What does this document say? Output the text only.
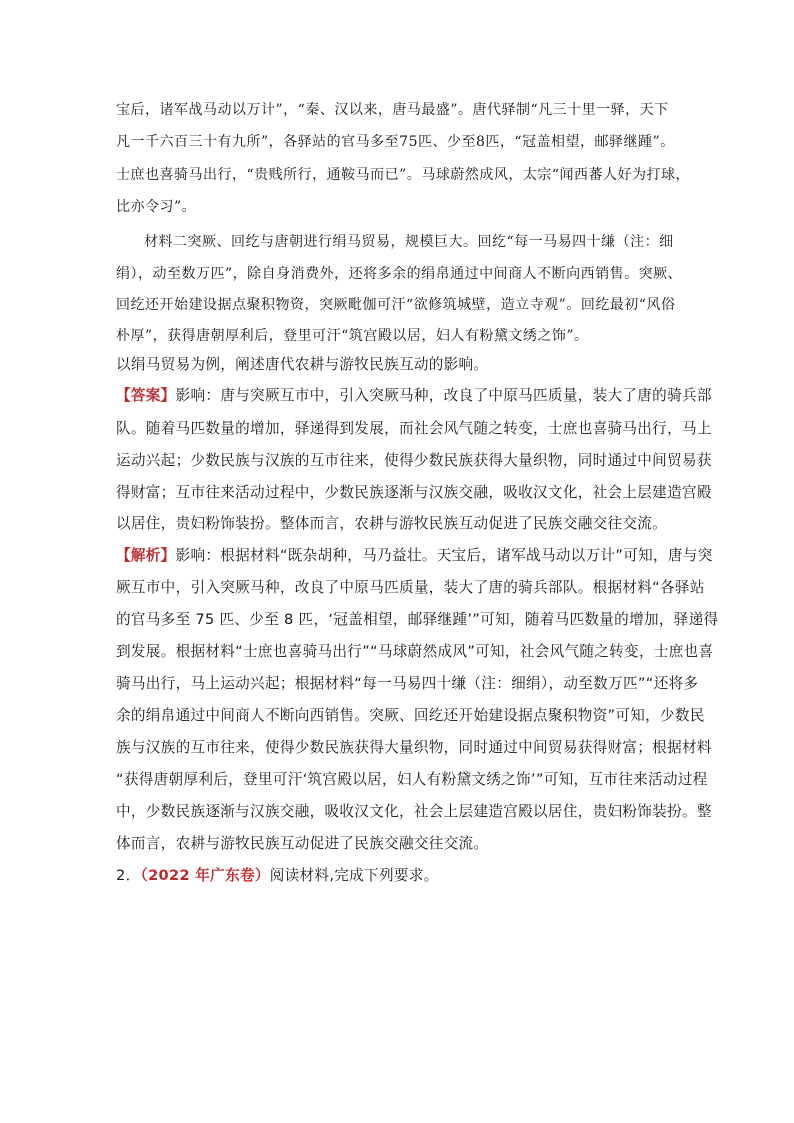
宝后，诸军战马动以万计”，“秦、汉以来，唐马最盛”。唐代驿制“凡三十里一驿，天下
凡一千六百三十有九所”，各驿站的官马多至75匹、少至8匹，“冠盖相望，邮驿继踵”。
士庶也喜骑马出行，“贵贱所行，通鞍马而已”。马球蔚然成风，太宗“闻西蕃人好为打球，
比亦令习”。
材料二突厥、回纥与唐朝进行绢马贸易，规模巨大。回纥“每一马易四十缣（注：细
绢），动至数万匹”，除自身消费外，还将多余的绢帛通过中间商人不断向西销售。突厥、
回纥还开始建设据点聚积物资，突厥毗伽可汗“欲修筑城壁，造立寺观”。回纥最初“风俗
朴厚”，获得唐朝厚利后，登里可汗“筑宫殿以居，妇人有粉黛文绣之饰”。
以绢马贸易为例，阐述唐代农耕与游牧民族互动的影响。
【答案】影响：唐与突厥互市中，引入突厥马种，改良了中原马匹质量，装大了唐的骑兵部
队。随着马匹数量的增加，驿递得到发展，而社会风气随之转变，士庶也喜骑马出行，马上
运动兴起；少数民族与汉族的互市往来，使得少数民族获得大量织物，同时通过中间贸易获
得财富；互市往来活动过程中，少数民族逐渐与汉族交融，吸收汉文化，社会上层建造宫殿
以居住，贵妇粉饰装扮。整体而言，农耕与游牧民族互动促进了民族交融交往交流。
【解析】影响：根据材料“既杂胡种，马乃益壮。天宝后，诸军战马动以万计”可知，唐与突
厥互市中，引入突厥马种，改良了中原马匹质量，装大了唐的骑兵部队。根据材料“各驿站
的官马多至 75 匹、少至 8 匹，‘冠盖相望，邮驿继踵’”可知，随着马匹数量的增加，驿递得
到发展。根据材料“士庶也喜骑马出行”“马球蔚然成风”可知，社会风气随之转变，士庶也喜
骑马出行，马上运动兴起；根据材料“每一马易四十缣（注：细绢），动至数万匹”“还将多
余的绢帛通过中间商人不断向西销售。突厥、回纥还开始建设据点聚积物资”可知，少数民
族与汉族的互市往来，使得少数民族获得大量织物，同时通过中间贸易获得财富；根据材料
“获得唐朝厚利后，登里可汗‘筑宫殿以居，妇人有粉黛文绣之饰’”可知，互市往来活动过程
中，少数民族逐渐与汉族交融，吸收汉文化，社会上层建造宫殿以居住，贵妇粉饰装扮。整
体而言，农耕与游牧民族互动促进了民族交融交往交流。
2．（2022 年广东卷）阅读材料,完成下列要求。
